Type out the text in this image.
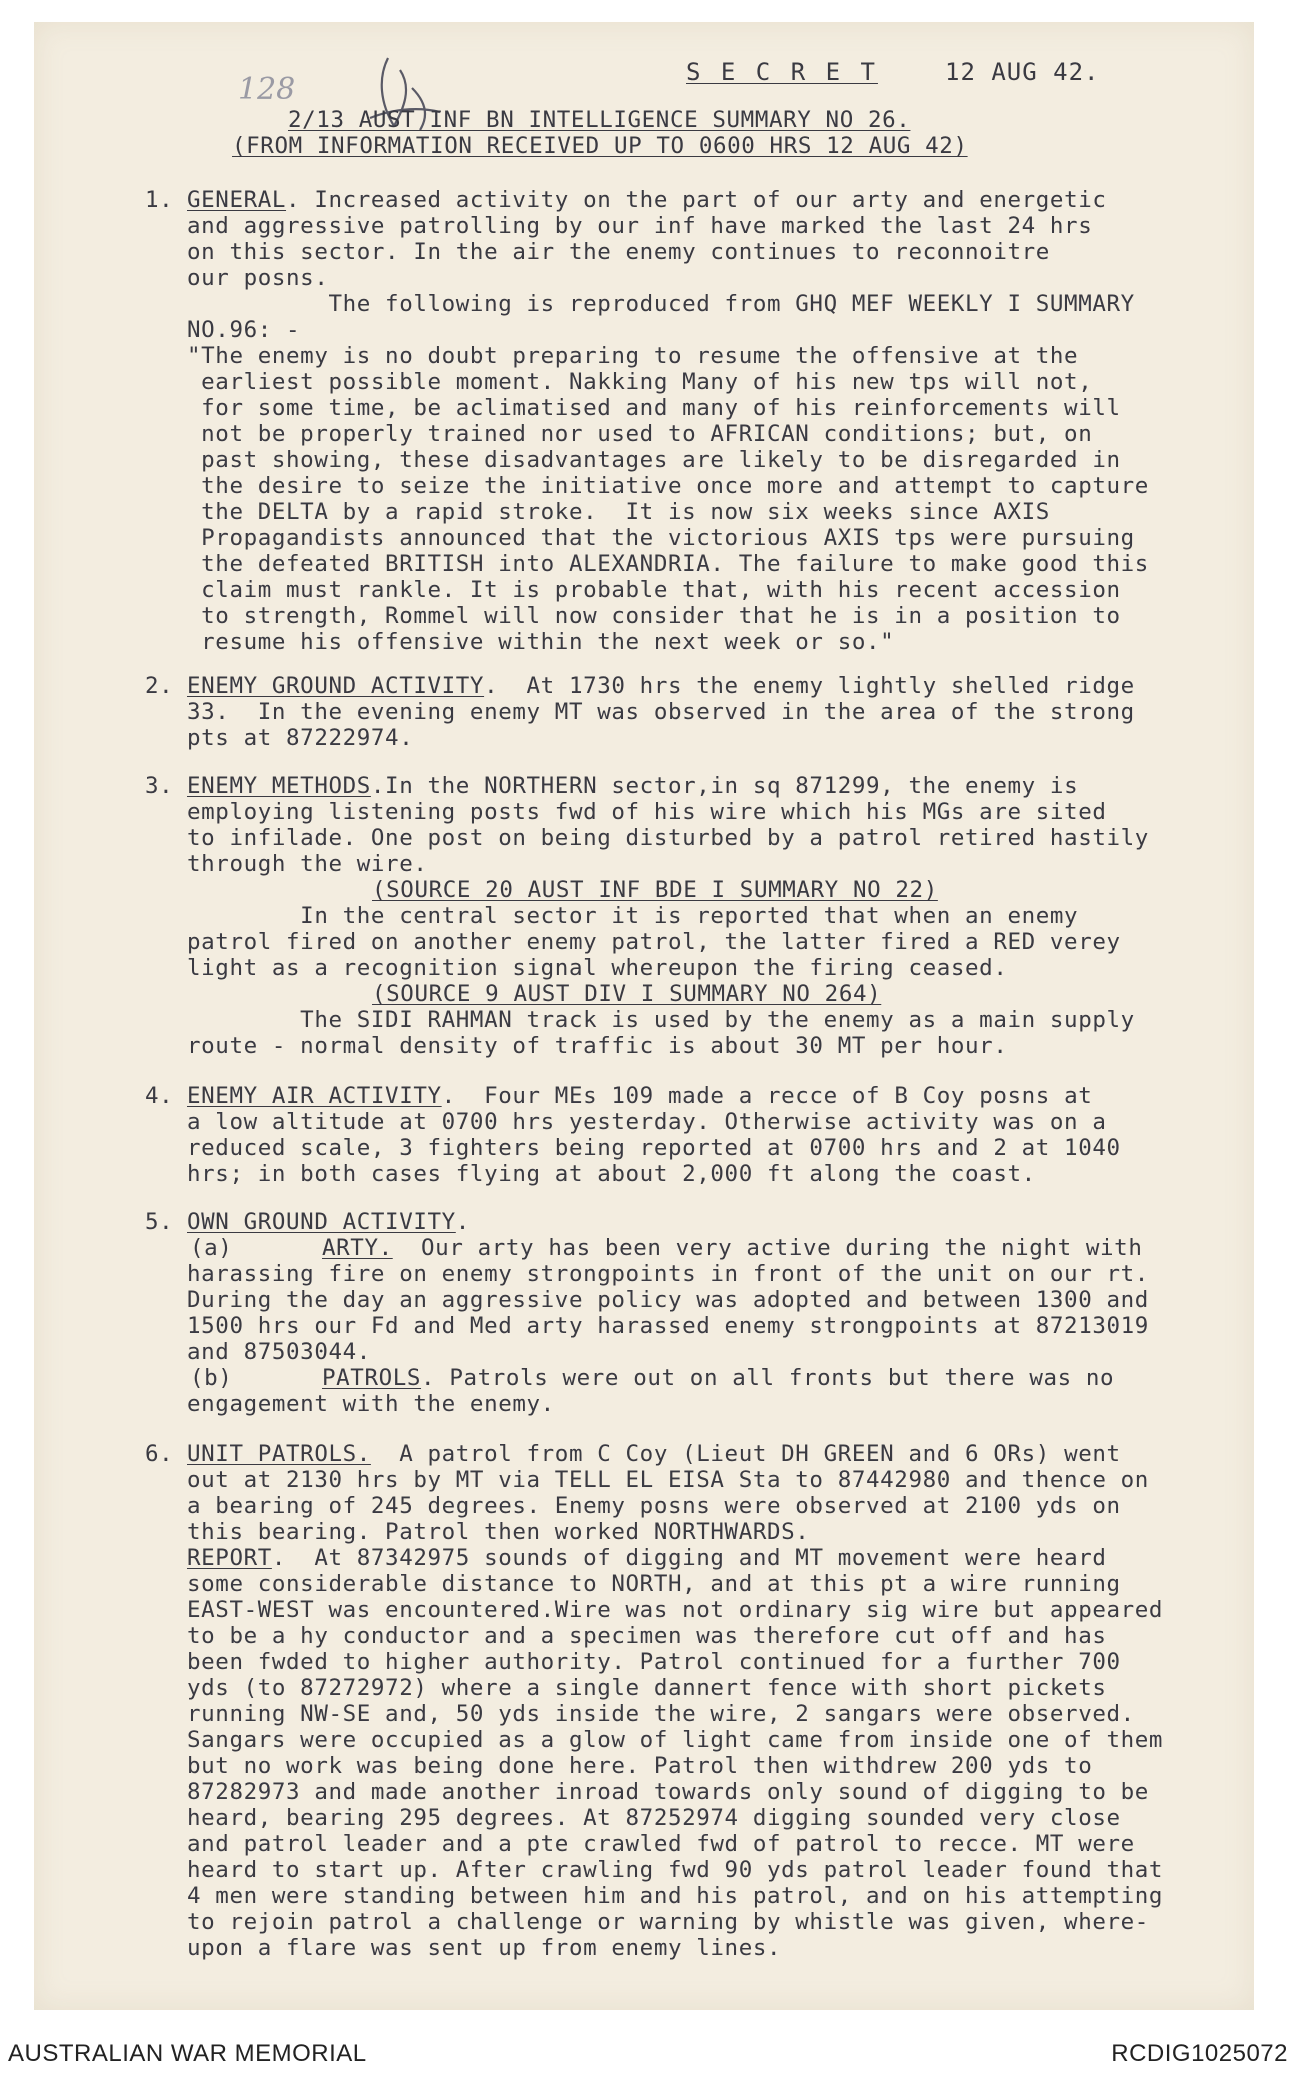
128	S E C R E T	12 AUG 42.
2/13 AUST INF BN INTELLIGENCE SUMMARY NO 26.
(FROM INFORMATION RECEIVED UP TO 0600 HRS 12 AUG 42)
1. GENERAL. Increased activity on the part of our arty and energetic
and aggressive patrolling by our inf have marked the last 24 hrs
on this sector. In the air the enemy continues to reconnoitre
our posns.
The following is reproduced from GHQ MEF WEEKLY I SUMMARY
NO.96: -
"The enemy is no doubt preparing to resume the offensive at the
earliest possible moment. Nakking Many of his new tps will not,
for some time, be aclimatised and many of his reinforcements will
not be properly trained nor used to AFRICAN conditions; but, on
past showing, these disadvantages are likely to be disregarded in
the desire to seize the initiative once more and attempt to capture
the DELTA by a rapid stroke.  It is now six weeks since AXIS
Propagandists announced that the victorious AXIS tps were pursuing
the defeated BRITISH into ALEXANDRIA. The failure to make good this
claim must rankle. It is probable that, with his recent accession
to strength, Rommel will now consider that he is in a position to
resume his offensive within the next week or so."
2. ENEMY GROUND ACTIVITY.  At 1730 hrs the enemy lightly shelled ridge
33.  In the evening enemy MT was observed in the area of the strong
pts at 87222974.
3. ENEMY METHODS.In the NORTHERN sector,in sq 871299, the enemy is
employing listening posts fwd of his wire which his MGs are sited
to infilade. One post on being disturbed by a patrol retired hastily
through the wire.
(SOURCE 20 AUST INF BDE I SUMMARY NO 22)
In the central sector it is reported that when an enemy
patrol fired on another enemy patrol, the latter fired a RED verey
light as a recognition signal whereupon the firing ceased.
(SOURCE 9 AUST DIV I SUMMARY NO 264)
The SIDI RAHMAN track is used by the enemy as a main supply
route - normal density of traffic is about 30 MT per hour.
4. ENEMY AIR ACTIVITY.  Four MEs 109 made a recce of B Coy posns at
a low altitude at 0700 hrs yesterday. Otherwise activity was on a
reduced scale, 3 fighters being reported at 0700 hrs and 2 at 1040
hrs; in both cases flying at about 2,000 ft along the coast.
5. OWN GROUND ACTIVITY.
(a)	ARTY.  Our arty has been very active during the night with
harassing fire on enemy strongpoints in front of the unit on our rt.
During the day an aggressive policy was adopted and between 1300 and
1500 hrs our Fd and Med arty harassed enemy strongpoints at 87213019
and 87503044.
(b)	PATROLS. Patrols were out on all fronts but there was no
engagement with the enemy.
6. UNIT PATROLS.  A patrol from C Coy (Lieut DH GREEN and 6 ORs) went
out at 2130 hrs by MT via TELL EL EISA Sta to 87442980 and thence on
a bearing of 245 degrees. Enemy posns were observed at 2100 yds on
this bearing. Patrol then worked NORTHWARDS.
REPORT.  At 87342975 sounds of digging and MT movement were heard
some considerable distance to NORTH, and at this pt a wire running
EAST-WEST was encountered.Wire was not ordinary sig wire but appeared
to be a hy conductor and a specimen was therefore cut off and has
been fwded to higher authority. Patrol continued for a further 700
yds (to 87272972) where a single dannert fence with short pickets
running NW-SE and, 50 yds inside the wire, 2 sangars were observed.
Sangars were occupied as a glow of light came from inside one of them
but no work was being done here. Patrol then withdrew 200 yds to
87282973 and made another inroad towards only sound of digging to be
heard, bearing 295 degrees. At 87252974 digging sounded very close
and patrol leader and a pte crawled fwd of patrol to recce. MT were
heard to start up. After crawling fwd 90 yds patrol leader found that
4 men were standing between him and his patrol, and on his attempting
to rejoin patrol a challenge or warning by whistle was given, where-
upon a flare was sent up from enemy lines.
AUSTRALIAN WAR MEMORIAL	RCDIG1025072
